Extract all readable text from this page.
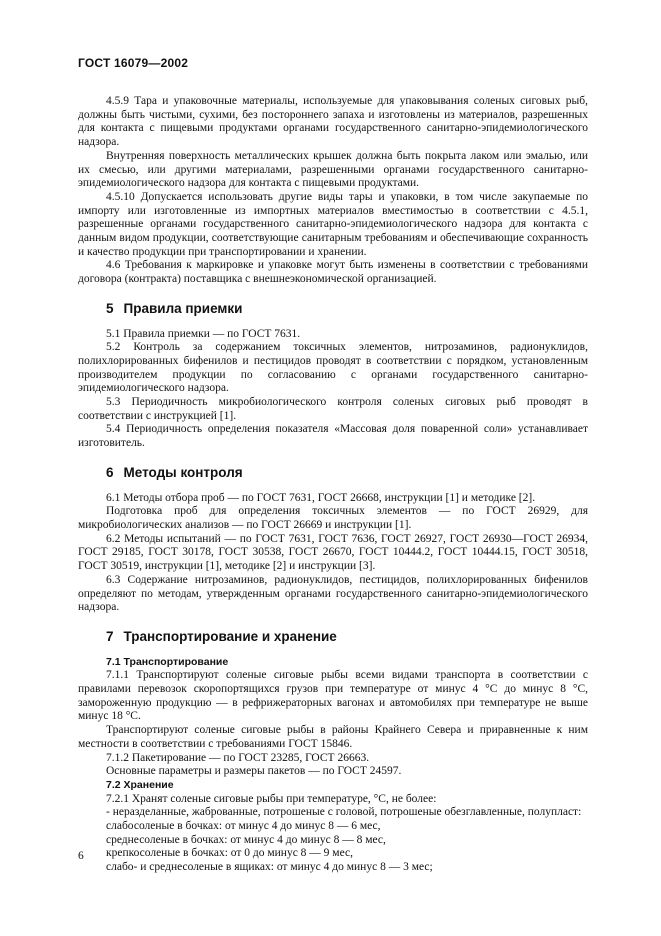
ГОСТ 16079—2002

4.5.9 Тара и упаковочные материалы, используемые для упаковывания соленых сиговых рыб, должны быть чистыми, сухими, без постороннего запаха и изготовлены из материалов, разрешенных для контакта с пищевыми продуктами органами государственного санитарно-эпидемиологического надзора.

Внутренняя поверхность металлических крышек должна быть покрыта лаком или эмалью, или их смесью, или другими материалами, разрешенными органами государственного санитарно-эпидемиологического надзора для контакта с пищевыми продуктами.

4.5.10 Допускается использовать другие виды тары и упаковки, в том числе закупаемые по импорту или изготовленные из импортных материалов вместимостью в соответствии с 4.5.1, разрешенные органами государственного санитарно-эпидемиологического надзора для контакта с данным видом продукции, соответствующие санитарным требованиям и обеспечивающие сохранность и качество продукции при транспортировании и хранении.

4.6 Требования к маркировке и упаковке могут быть изменены в соответствии с требованиями договора (контракта) поставщика с внешнеэкономической организацией.

5 Правила приемки

5.1 Правила приемки — по ГОСТ 7631.

5.2 Контроль за содержанием токсичных элементов, нитрозаминов, радионуклидов, полихлорированных бифенилов и пестицидов проводят в соответствии с порядком, установленным производителем продукции по согласованию с органами государственного санитарно-эпидемиологического надзора.

5.3 Периодичность микробиологического контроля соленых сиговых рыб проводят в соответствии с инструкцией [1].

5.4 Периодичность определения показателя «Массовая доля поваренной соли» устанавливает изготовитель.

6 Методы контроля

6.1 Методы отбора проб — по ГОСТ 7631, ГОСТ 26668, инструкции [1] и методике [2].

Подготовка проб для определения токсичных элементов — по ГОСТ 26929, для микробиологических анализов — по ГОСТ 26669 и инструкции [1].

6.2 Методы испытаний — по ГОСТ 7631, ГОСТ 7636, ГОСТ 26927, ГОСТ 26930—ГОСТ 26934, ГОСТ 29185, ГОСТ 30178, ГОСТ 30538, ГОСТ 26670, ГОСТ 10444.2, ГОСТ 10444.15, ГОСТ 30518, ГОСТ 30519, инструкции [1], методике [2] и инструкции [3].

6.3 Содержание нитрозаминов, радионуклидов, пестицидов, полихлорированных бифенилов определяют по методам, утвержденным органами государственного санитарно-эпидемиологического надзора.

7 Транспортирование и хранение

7.1 Транспортирование

7.1.1 Транспортируют соленые сиговые рыбы всеми видами транспорта в соответствии с правилами перевозок скоропортящихся грузов при температуре от минус 4 °С до минус 8 °С, замороженную продукцию — в рефрижераторных вагонах и автомобилях при температуре не выше минус 18 °С.

Транспортируют соленые сиговые рыбы в районы Крайнего Севера и приравненные к ним местности в соответствии с требованиями ГОСТ 15846.

7.1.2 Пакетирование — по ГОСТ 23285, ГОСТ 26663.

Основные параметры и размеры пакетов — по ГОСТ 24597.

7.2 Хранение

7.2.1 Хранят соленые сиговые рыбы при температуре, °С, не более:

- неразделанные, жаброванные, потрошеные с головой, потрошеные обезглавленные, полупласт:

слабосоленые в бочках: от минус 4 до минус 8 — 6 мес,

среднесоленые в бочках: от минус 4 до минус 8 — 8 мес,

крепкосоленые в бочках: от 0 до минус 8 — 9 мес,

слабо- и среднесоленые в ящиках: от минус 4 до минус 8 — 3 мес;

6
